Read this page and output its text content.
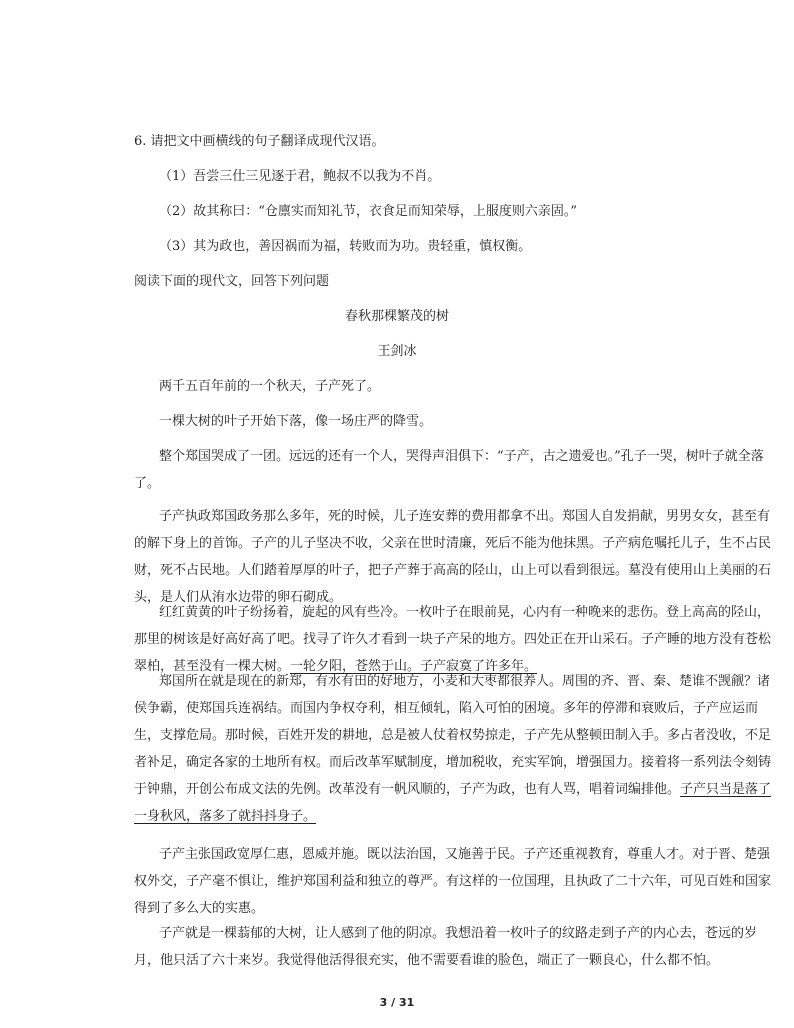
6. 请把文中画横线的句子翻译成现代汉语。
（1）吾尝三仕三见逐于君，鲍叔不以我为不肖。
（2）故其称曰：“仓廪实而知礼节，衣食足而知荣辱，上服度则六亲固。”
（3）其为政也，善因祸而为福，转败而为功。贵轻重，慎权衡。
阅读下面的现代文，回答下列问题
春秋那棵繁茂的树
王剑冰
两千五百年前的一个秋天，子产死了。
一棵大树的叶子开始下落，像一场庄严的降雪。
整个郑国哭成了一团。远远的还有一个人，哭得声泪俱下：“子产，古之遗爱也。”孔子一哭，树叶子就全落
了。
子产执政郑国政务那么多年，死的时候，儿子连安葬的费用都拿不出。郑国人自发捐献，男男女女，甚至有
的解下身上的首饰。子产的儿子坚决不收，父亲在世时清廉，死后不能为他抹黑。子产病危嘱托儿子，生不占民
财，死不占民地。人们踏着厚厚的叶子，把子产葬于高高的陉山，山上可以看到很远。墓没有使用山上美丽的石
头，是人们从洧水边带的卵石砌成。
红红黄黄的叶子纷扬着，旋起的风有些冷。一枚叶子在眼前晃，心内有一种晚来的悲伤。登上高高的陉山，
那里的树该是好高好高了吧。找寻了许久才看到一块子产呆的地方。四处正在开山采石。子产睡的地方没有苍松
翠柏，甚至没有一棵大树。一轮夕阳，苍然于山。子产寂寞了许多年。
郑国所在就是现在的新郑，有水有田的好地方，小麦和大枣都很养人。周围的齐、晋、秦、楚谁不觊觎？诸
侯争霸，使郑国兵连祸结。而国内争权夺利，相互倾轧，陷入可怕的困境。多年的停滞和衰败后，子产应运而
生，支撑危局。那时候，百姓开发的耕地，总是被人仗着权势掠走，子产先从整顿田制入手。多占者没收，不足
者补足，确定各家的土地所有权。而后改革军赋制度，增加税收，充实军饷，增强国力。接着将一系列法令刻铸
于钟鼎，开创公布成文法的先例。改革没有一帆风顺的，子产为政，也有人骂，唱着词编排他。子产只当是落了
一身秋风，落多了就抖抖身子。
子产主张国政宽厚仁惠，恩威并施。既以法治国，又施善于民。子产还重视教育，尊重人才。对于晋、楚强
权外交，子产毫不惧让，维护郑国利益和独立的尊严。有这样的一位国理，且执政了二十六年，可见百姓和国家
得到了多么大的实惠。
子产就是一棵蓊郁的大树，让人感到了他的阴凉。我想沿着一枚叶子的纹路走到子产的内心去，苍远的岁
月，他只活了六十来岁。我觉得他活得很充实，他不需要看谁的脸色，端正了一颗良心，什么都不怕。
3 / 31
